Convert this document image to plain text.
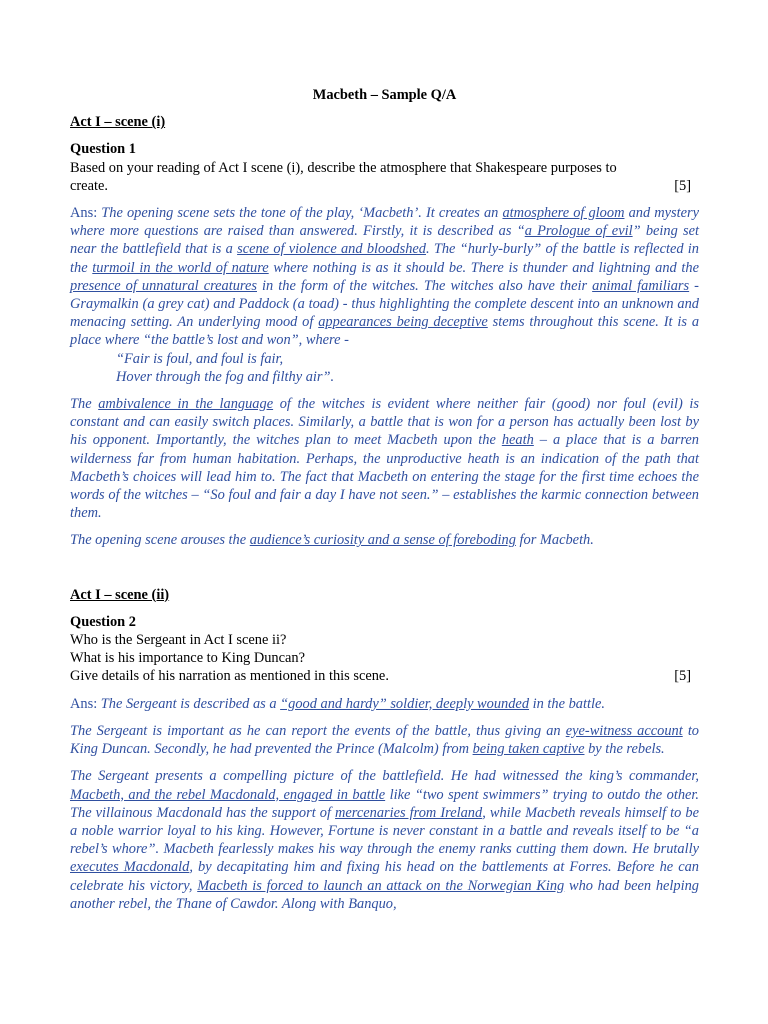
Macbeth – Sample Q/A
Act I – scene (i)
Question 1
Based on your reading of Act I scene (i), describe the atmosphere that Shakespeare purposes to
create.	[5]
Ans: The opening scene sets the tone of the play, ‘Macbeth’. It creates an atmosphere of gloom and mystery where more questions are raised than answered. Firstly, it is described as “a Prologue of evil” being set near the battlefield that is a scene of violence and bloodshed. The “hurly-burly” of the battle is reflected in the turmoil in the world of nature where nothing is as it should be. There is thunder and lightning and the presence of unnatural creatures in the form of the witches. The witches also have their animal familiars - Graymalkin (a grey cat) and Paddock (a toad) - thus highlighting the complete descent into an unknown and menacing setting. An underlying mood of appearances being deceptive stems throughout this scene. It is a place where “the battle’s lost and won”, where -
“Fair is foul, and foul is fair,
Hover through the fog and filthy air”.
The ambivalence in the language of the witches is evident where neither fair (good) nor foul (evil) is constant and can easily switch places. Similarly, a battle that is won for a person has actually been lost by his opponent. Importantly, the witches plan to meet Macbeth upon the heath – a place that is a barren wilderness far from human habitation. Perhaps, the unproductive heath is an indication of the path that Macbeth’s choices will lead him to. The fact that Macbeth on entering the stage for the first time echoes the words of the witches – “So foul and fair a day I have not seen.” – establishes the karmic connection between them.
The opening scene arouses the audience’s curiosity and a sense of foreboding for Macbeth.
Act I – scene (ii)
Question 2
Who is the Sergeant in Act I scene ii?
What is his importance to King Duncan?
Give details of his narration as mentioned in this scene.	[5]
Ans: The Sergeant is described as a “good and hardy” soldier, deeply wounded in the battle.
The Sergeant is important as he can report the events of the battle, thus giving an eye-witness account to King Duncan. Secondly, he had prevented the Prince (Malcolm) from being taken captive by the rebels.
The Sergeant presents a compelling picture of the battlefield. He had witnessed the king’s commander, Macbeth, and the rebel Macdonald, engaged in battle like “two spent swimmers” trying to outdo the other. The villainous Macdonald has the support of mercenaries from Ireland, while Macbeth reveals himself to be a noble warrior loyal to his king. However, Fortune is never constant in a battle and reveals itself to be “a rebel’s whore”. Macbeth fearlessly makes his way through the enemy ranks cutting them down. He brutally executes Macdonald, by decapitating him and fixing his head on the battlements at Forres. Before he can celebrate his victory, Macbeth is forced to launch an attack on the Norwegian King who had been helping another rebel, the Thane of Cawdor. Along with Banquo,
